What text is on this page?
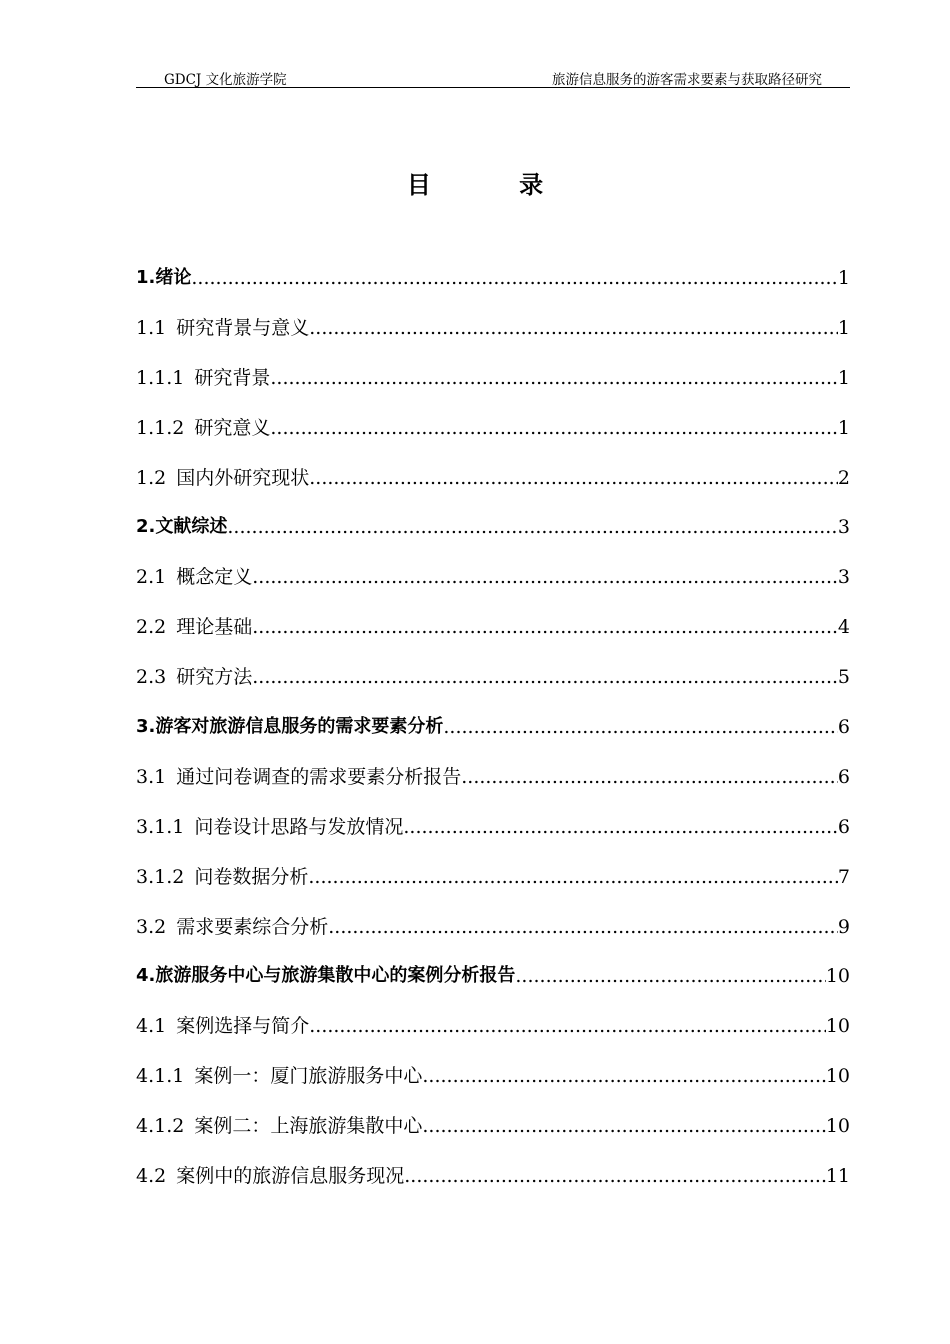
GDCJ 文化旅游学院	旅游信息服务的游客需求要素与获取路径研究
目 录
1.绪论 .....	1
1.1 研究背景与意义 .....	1
1.1.1 研究背景 .....	1
1.1.2 研究意义 .....	1
1.2 国内外研究现状 .....	2
2.文献综述 .....	3
2.1 概念定义 .....	3
2.2 理论基础 .....	4
2.3 研究方法 .....	5
3.游客对旅游信息服务的需求要素分析 .....	6
3.1 通过问卷调查的需求要素分析报告 .....	6
3.1.1 问卷设计思路与发放情况 .....	6
3.1.2 问卷数据分析 .....	7
3.2 需求要素综合分析 .....	9
4.旅游服务中心与旅游集散中心的案例分析报告 .....	10
4.1 案例选择与简介 .....	10
4.1.1 案例一：厦门旅游服务中心 .....	10
4.1.2 案例二：上海旅游集散中心 .....	10
4.2 案例中的旅游信息服务现况 .....	11
